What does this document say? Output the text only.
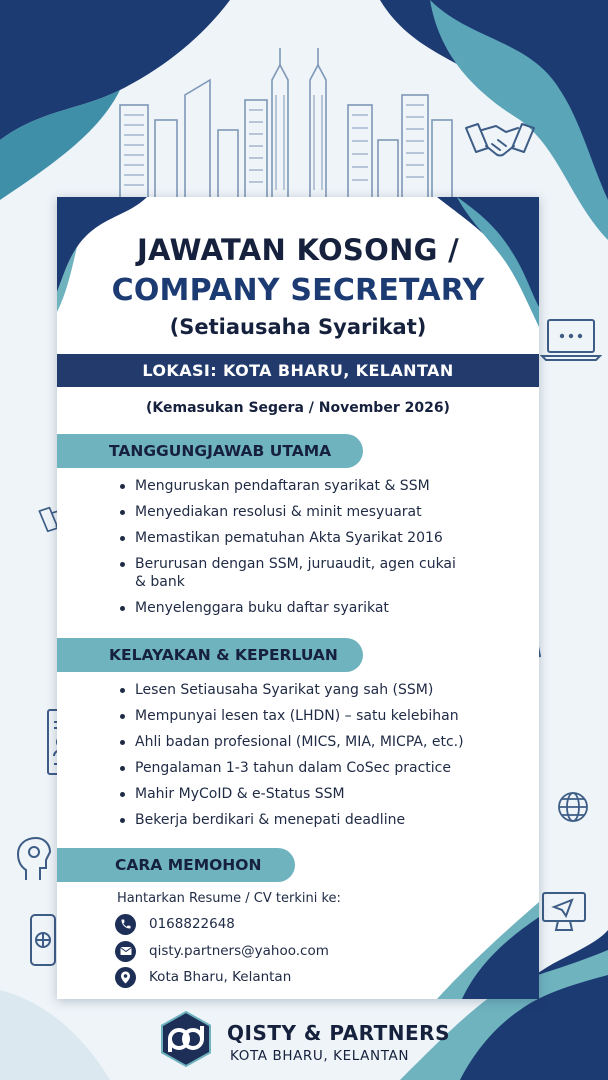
JAWATAN KOSONG /
COMPANY SECRETARY
(Setiausaha Syarikat)
LOKASI: KOTA BHARU, KELANTAN
(Kemasukan Segera / November 2026)
TANGGUNGJAWAB UTAMA
Menguruskan pendaftaran syarikat & SSM
Menyediakan resolusi & minit mesyuarat
Memastikan pematuhan Akta Syarikat 2016
Berurusan dengan SSM, juruaudit, agen cukai & bank
Menyelenggara buku daftar syarikat
KELAYAKAN & KEPERLUAN
Lesen Setiausaha Syarikat yang sah (SSM)
Mempunyai lesen tax (LHDN) – satu kelebihan
Ahli badan profesional (MICS, MIA, MICPA, etc.)
Pengalaman 1-3 tahun dalam CoSec practice
Mahir MyCoID & e-Status SSM
Bekerja berdikari & menepati deadline
CARA MEMOHON
Hantarkan Resume / CV terkini ke:
0168822648
qisty.partners@yahoo.com
Kota Bharu, Kelantan
QISTY & PARTNERS
KOTA BHARU, KELANTAN
